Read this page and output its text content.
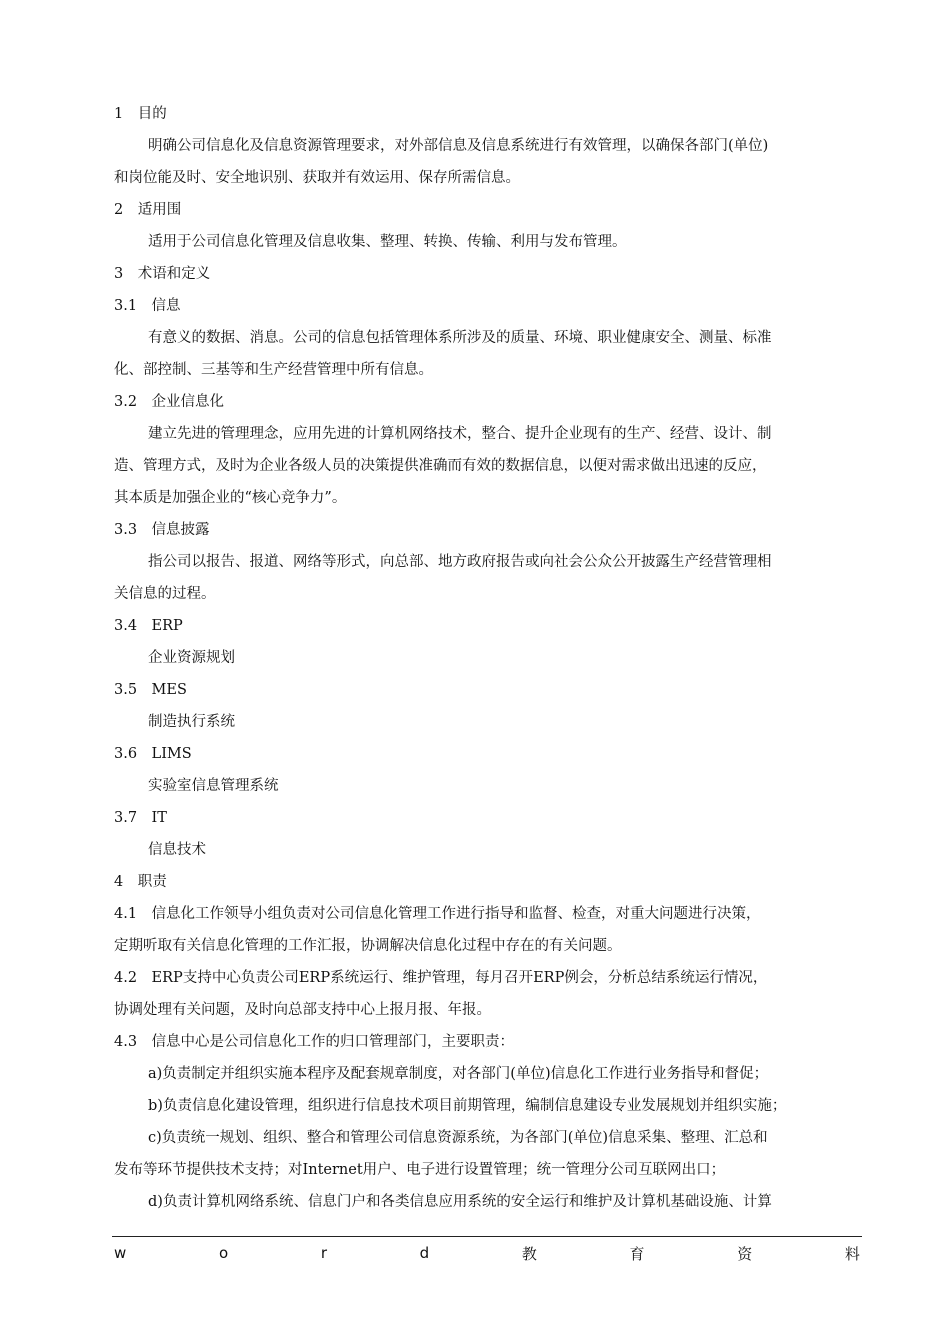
1　目的
明确公司信息化及信息资源管理要求，对外部信息及信息系统进行有效管理，以确保各部门(单位)
和岗位能及时、安全地识别、获取并有效运用、保存所需信息。
2　适用围
适用于公司信息化管理及信息收集、整理、转换、传输、利用与发布管理。
3　术语和定义
3.1　信息
有意义的数据、消息。公司的信息包括管理体系所涉及的质量、环境、职业健康安全、测量、标准
化、部控制、三基等和生产经营管理中所有信息。
3.2　企业信息化
建立先进的管理理念，应用先进的计算机网络技术，整合、提升企业现有的生产、经营、设计、制
造、管理方式，及时为企业各级人员的决策提供准确而有效的数据信息，以便对需求做出迅速的反应，
其本质是加强企业的“核心竞争力”。
3.3　信息披露
指公司以报告、报道、网络等形式，向总部、地方政府报告或向社会公众公开披露生产经营管理相
关信息的过程。
3.4　ERP
企业资源规划
3.5　MES
制造执行系统
3.6　LIMS
实验室信息管理系统
3.7　IT
信息技术
4　职责
4.1　信息化工作领导小组负责对公司信息化管理工作进行指导和监督、检查，对重大问题进行决策，
定期听取有关信息化管理的工作汇报，协调解决信息化过程中存在的有关问题。
4.2　ERP支持中心负责公司ERP系统运行、维护管理，每月召开ERP例会，分析总结系统运行情况，
协调处理有关问题，及时向总部支持中心上报月报、年报。
4.3　信息中心是公司信息化工作的归口管理部门，主要职责：
a)负责制定并组织实施本程序及配套规章制度，对各部门(单位)信息化工作进行业务指导和督促；
b)负责信息化建设管理，组织进行信息技术项目前期管理，编制信息建设专业发展规划并组织实施；
c)负责统一规划、组织、整合和管理公司信息资源系统，为各部门(单位)信息采集、整理、汇总和
发布等环节提供技术支持；对Internet用户、电子进行设置管理；统一管理分公司互联网出口；
d)负责计算机网络系统、信息门户和各类信息应用系统的安全运行和维护及计算机基础设施、计算
w	o	r	d	教	育	资	料
